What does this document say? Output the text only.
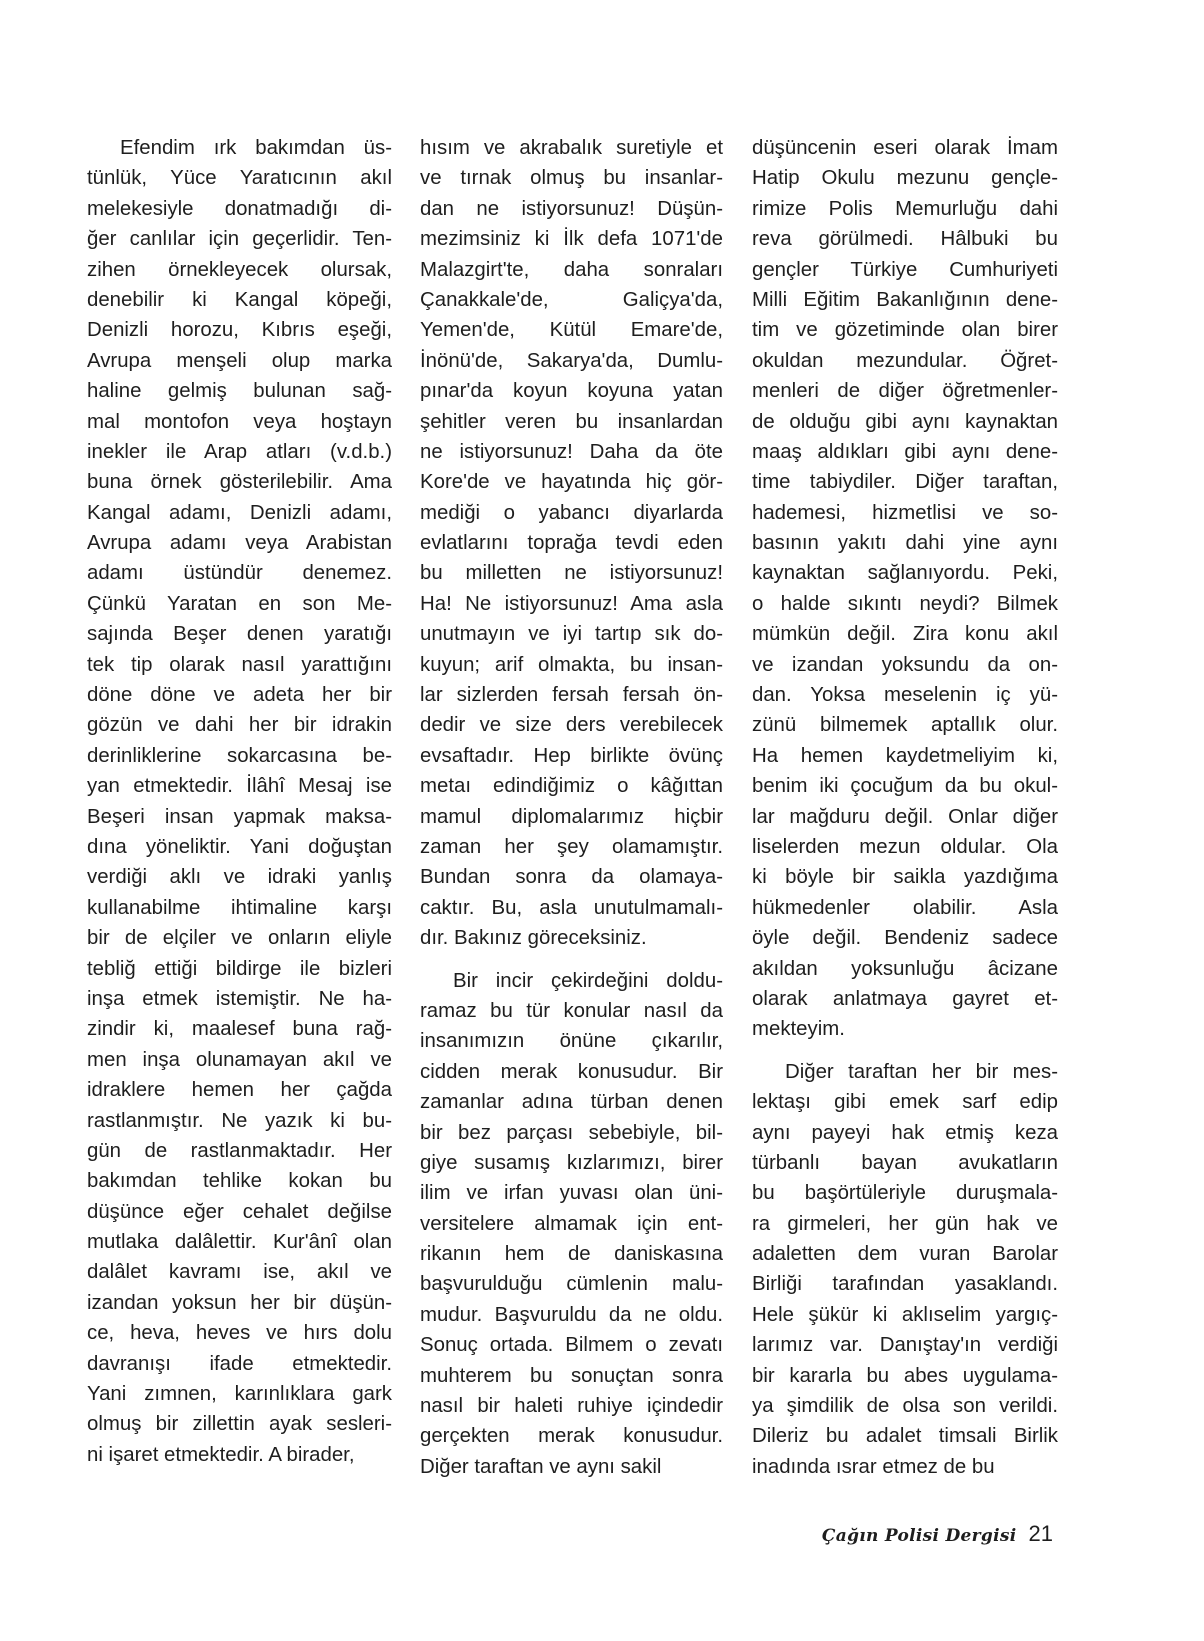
Efendim ırk bakımdan üs-
tünlük, Yüce Yaratıcının akıl
melekesiyle donatmadığı di-
ğer canlılar için geçerlidir. Ten-
zihen örnekleyecek olursak,
denebilir ki Kangal köpeği,
Denizli horozu, Kıbrıs eşeği,
Avrupa menşeli olup marka
haline gelmiş bulunan sağ-
mal montofon veya hoştayn
inekler ile Arap atları (v.d.b.)
buna örnek gösterilebilir. Ama
Kangal adamı, Denizli adamı,
Avrupa adamı veya Arabistan
adamı üstündür denemez.
Çünkü Yaratan en son Me-
sajında Beşer denen yaratığı
tek tip olarak nasıl yarattığını
döne döne ve adeta her bir
gözün ve dahi her bir idrakin
derinliklerine sokarcasına be-
yan etmektedir. İlâhî Mesaj ise
Beşeri insan yapmak maksa-
dına yöneliktir. Yani doğuştan
verdiği aklı ve idraki yanlış
kullanabilme ihtimaline karşı
bir de elçiler ve onların eliyle
tebliğ ettiği bildirge ile bizleri
inşa etmek istemiştir. Ne ha-
zindir ki, maalesef buna rağ-
men inşa olunamayan akıl ve
idraklere hemen her çağda
rastlanmıştır. Ne yazık ki bu-
gün de rastlanmaktadır. Her
bakımdan tehlike kokan bu
düşünce eğer cehalet değilse
mutlaka dalâlettir. Kur'ânî olan
dalâlet kavramı ise, akıl ve
izandan yoksun her bir düşün-
ce, heva, heves ve hırs dolu
davranışı ifade etmektedir.
Yani zımnen, karınlıklara gark
olmuş bir zillettin ayak sesleri-
ni işaret etmektedir. A birader,

hısım ve akrabalık suretiyle et
ve tırnak olmuş bu insanlar-
dan ne istiyorsunuz! Düşün-
mezimsiniz ki İlk defa 1071'de
Malazgirt'te, daha sonraları
Çanakkale'de, Galiçya'da,
Yemen'de, Kütül Emare'de,
İnönü'de, Sakarya'da, Dumlu-
pınar'da koyun koyuna yatan
şehitler veren bu insanlardan
ne istiyorsunuz! Daha da öte
Kore'de ve hayatında hiç gör-
mediği o yabancı diyarlarda
evlatlarını toprağa tevdi eden
bu milletten ne istiyorsunuz!
Ha! Ne istiyorsunuz! Ama asla
unutmayın ve iyi tartıp sık do-
kuyun; arif olmakta, bu insan-
lar sizlerden fersah fersah ön-
dedir ve size ders verebilecek
evsaftadır. Hep birlikte övünç
metaı edindiğimiz o kâğıttan
mamul diplomalarımız hiçbir
zaman her şey olamamıştır.
Bundan sonra da olamaya-
caktır. Bu, asla unutulmamalı-
dır. Bakınız göreceksiniz.

Bir incir çekirdeğini doldu-
ramaz bu tür konular nasıl da
insanımızın önüne çıkarılır,
cidden merak konusudur. Bir
zamanlar adına türban denen
bir bez parçası sebebiyle, bil-
giye susamış kızlarımızı, birer
ilim ve irfan yuvası olan üni-
versitelere almamak için ent-
rikanın hem de daniskasına
başvurulduğu cümlenin malu-
mudur. Başvuruldu da ne oldu.
Sonuç ortada. Bilmem o zevatı
muhterem bu sonuçtan sonra
nasıl bir haleti ruhiye içindedir
gerçekten merak konusudur.
Diğer taraftan ve aynı sakil

düşüncenin eseri olarak İmam
Hatip Okulu mezunu gençle-
rimize Polis Memurluğu dahi
reva görülmedi. Hâlbuki bu
gençler Türkiye Cumhuriyeti
Milli Eğitim Bakanlığının dene-
tim ve gözetiminde olan birer
okuldan mezundular. Öğret-
menleri de diğer öğretmenler-
de olduğu gibi aynı kaynaktan
maaş aldıkları gibi aynı dene-
time tabiydiler. Diğer taraftan,
hademesi, hizmetlisi ve so-
basının yakıtı dahi yine aynı
kaynaktan sağlanıyordu. Peki,
o halde sıkıntı neydi? Bilmek
mümkün değil. Zira konu akıl
ve izandan yoksundu da on-
dan. Yoksa meselenin iç yü-
zünü bilmemek aptallık olur.
Ha hemen kaydetmeliyim ki,
benim iki çocuğum da bu okul-
lar mağduru değil. Onlar diğer
liselerden mezun oldular. Ola
ki böyle bir saikla yazdığıma
hükmedenler olabilir. Asla
öyle değil. Bendeniz sadece
akıldan yoksunluğu âcizane
olarak anlatmaya gayret et-
mekteyim.

Diğer taraftan her bir mes-
lektaşı gibi emek sarf edip
aynı payeyi hak etmiş keza
türbanlı bayan avukatların
bu başörtüleriyle duruşmala-
ra girmeleri, her gün hak ve
adaletten dem vuran Barolar
Birliği tarafından yasaklandı.
Hele şükür ki aklıselim yargıç-
larımız var. Danıştay'ın verdiği
bir kararla bu abes uygulama-
ya şimdilik de olsa son verildi.
Dileriz bu adalet timsali Birlik
inadında ısrar etmez de bu

Çağın Polisi Dergisi 21
